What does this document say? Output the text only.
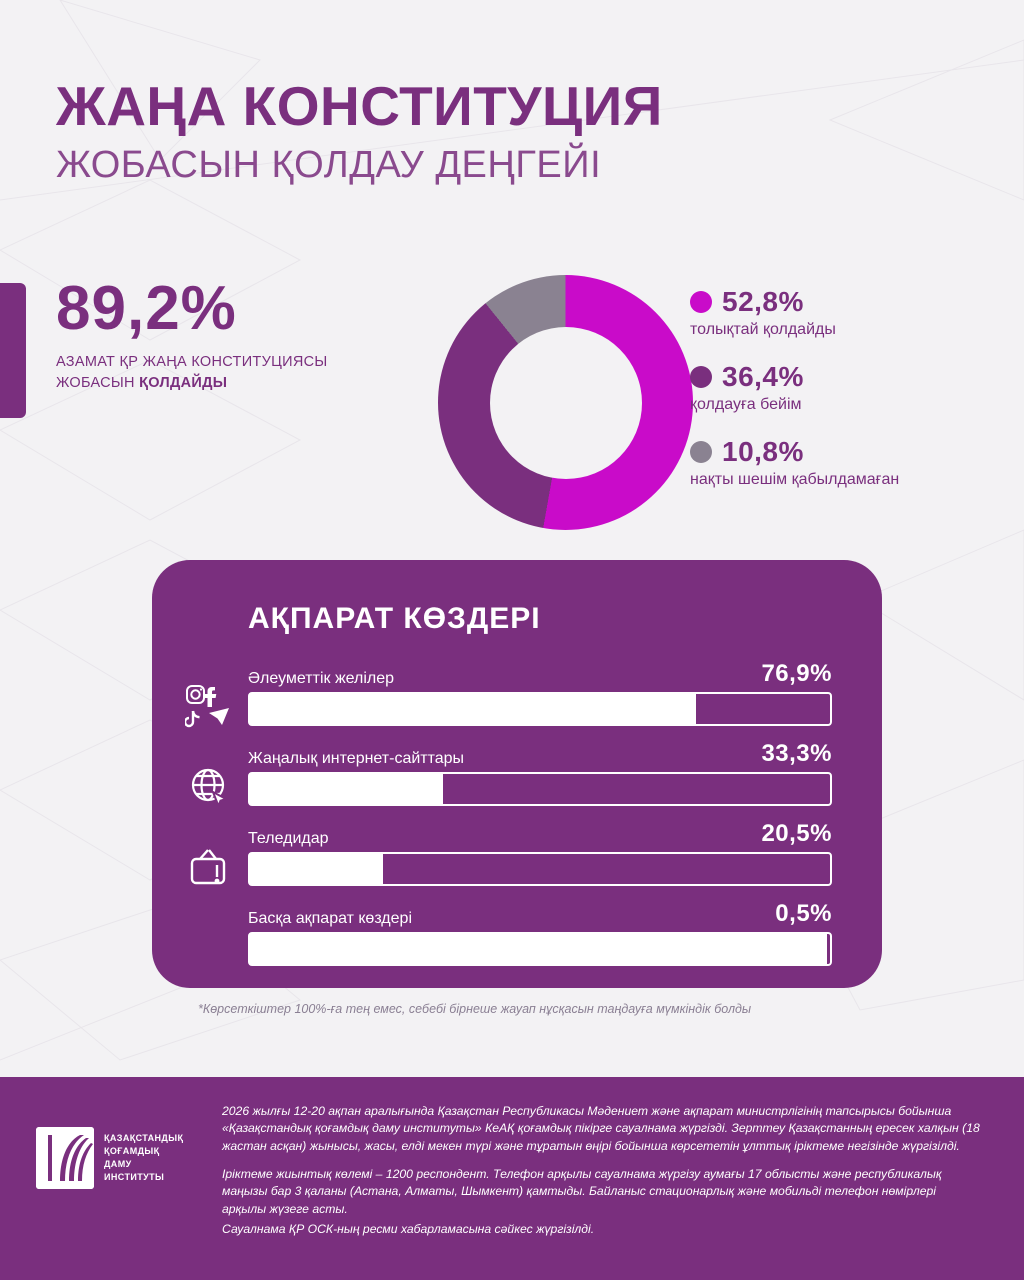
ЖАҢА КОНСТИТУЦИЯ
ЖОБАСЫН ҚОЛДАУ ДЕҢГЕЙІ
89,2%
АЗАМАТ ҚР ЖАҢА КОНСТИТУЦИЯСЫ
ЖОБАСЫН ҚОЛДАЙДЫ
52,8%
толықтай қолдайды
36,4%
қолдауға бейім
10,8%
нақты шешім қабылдамаған
АҚПАРАТ КӨЗДЕРІ
Әлеуметтік желілер	76,9%
Жаңалық интернет-сайттары	33,3%
Теледидар	20,5%
Басқа ақпарат көздері	0,5%
*Көрсеткіштер 100%-ға тең емес, себебі бірнеше жауап нұсқасын таңдауға мүмкіндік болды
ҚАЗАҚСТАНДЫҚ
ҚОҒАМДЫҚ
ДАМУ
ИНСТИТУТЫ

2026 жылғы 12-20 ақпан аралығында Қазақстан Республикасы Мәдениет және ақпарат министрлігінің тапсырысы бойынша «Қазақстандық қоғамдық даму институты» КеАҚ қоғамдық пікірге сауалнама жүргізді. Зерттеу Қазақстанның ересек халқын (18 жастан асқан) жынысы, жасы, елді мекен түрі және тұратын өңірі бойынша көрсететін ұлттық іріктеме негізінде жүргізілді.

Іріктеме жиынтық көлемі – 1200 респондент. Телефон арқылы сауалнама жүргізу аумағы 17 облысты және республикалық маңызы бар 3 қаланы (Астана, Алматы, Шымкент) қамтыды. Байланыс стационарлық және мобильді телефон нөмірлері арқылы жүзеге асты.

Сауалнама ҚР ОСК-ның ресми хабарламасына сәйкес жүргізілді.
